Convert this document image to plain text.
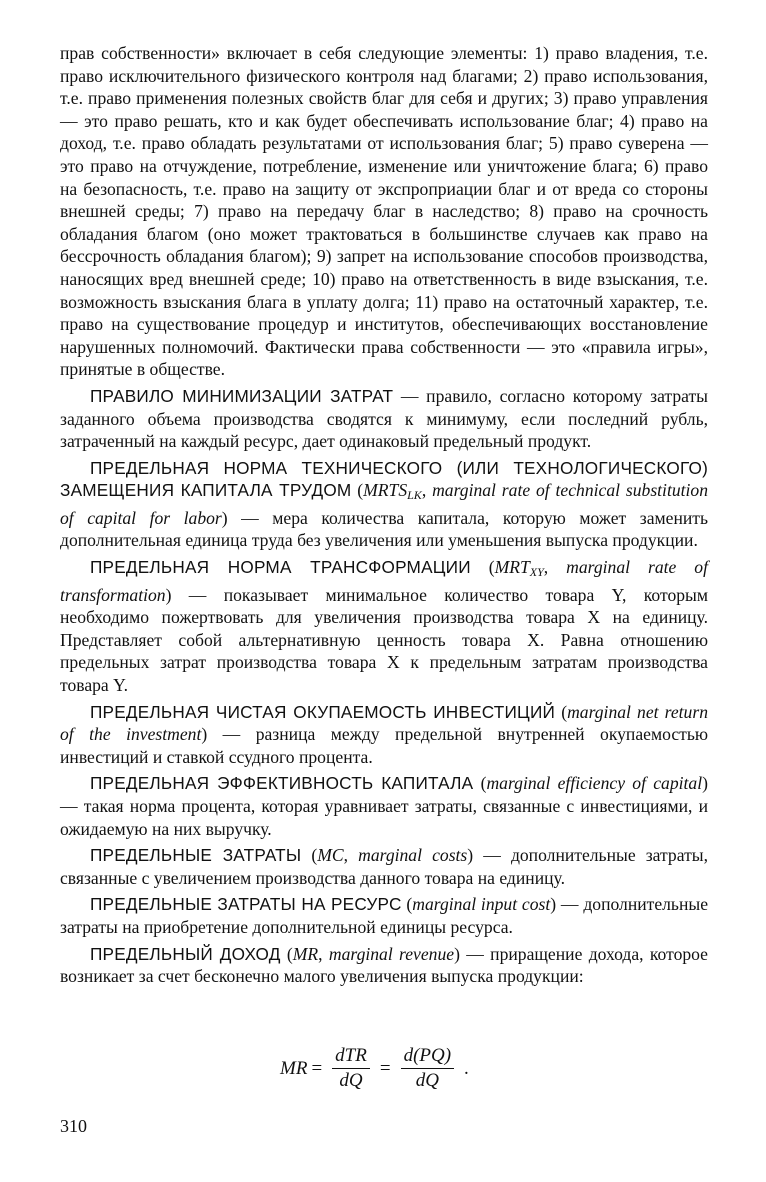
прав собственности» включает в себя следующие элементы: 1) право владения, т.е. право исключительного физического контроля над благами; 2) право использования, т.е. право применения полезных свойств благ для себя и других; 3) право управления — это право решать, кто и как будет обеспечивать использование благ; 4) право на доход, т.е. право обладать результатами от использования благ; 5) право суверена — это право на отчуждение, потребление, изменение или уничтожение блага; 6) право на безопасность, т.е. право на защиту от экспроприации благ и от вреда со стороны внешней среды; 7) право на передачу благ в наследство; 8) право на срочность обладания благом (оно может трактоваться в большинстве случаев как право на бессрочность обладания благом); 9) запрет на использование способов производства, наносящих вред внешней среде; 10) право на ответственность в виде взыскания, т.е. возможность взыскания блага в уплату долга; 11) право на остаточный характер, т.е. право на существование процедур и институтов, обеспечивающих восстановление нарушенных полномочий. Фактически права собственности — это «правила игры», принятые в обществе.

ПРАВИЛО МИНИМИЗАЦИИ ЗАТРАТ — правило, согласно которому затраты заданного объема производства сводятся к минимуму, если последний рубль, затраченный на каждый ресурс, дает одинаковый предельный продукт.

ПРЕДЕЛЬНАЯ НОРМА ТЕХНИЧЕСКОГО (ИЛИ ТЕХНОЛОГИЧЕСКОГО) ЗАМЕЩЕНИЯ КАПИТАЛА ТРУДОМ ($MRTS_{LK}$, marginal rate of technical substitution of capital for labor) — мера количества капитала, которую может заменить дополнительная единица труда без увеличения или уменьшения выпуска продукции.

ПРЕДЕЛЬНАЯ НОРМА ТРАНСФОРМАЦИИ ($MRT_{XY}$, marginal rate of transformation) — показывает минимальное количество товара Y, которым необходимо пожертвовать для увеличения производства товара X на единицу. Представляет собой альтернативную ценность товара X. Равна отношению предельных затрат производства товара X к предельным затратам производства товара Y.

ПРЕДЕЛЬНАЯ ЧИСТАЯ ОКУПАЕМОСТЬ ИНВЕСТИЦИЙ (marginal net return of the investment) — разница между предельной внутренней окупаемостью инвестиций и ставкой ссудного процента.

ПРЕДЕЛЬНАЯ ЭФФЕКТИВНОСТЬ КАПИТАЛА (marginal efficiency of capital) — такая норма процента, которая уравнивает затраты, связанные с инвестициями, и ожидаемую на них выручку.

ПРЕДЕЛЬНЫЕ ЗАТРАТЫ (MC, marginal costs) — дополнительные затраты, связанные с увеличением производства данного товара на единицу.

ПРЕДЕЛЬНЫЕ ЗАТРАТЫ НА РЕСУРС (marginal input cost) — дополнительные затраты на приобретение дополнительной единицы ресурса.

ПРЕДЕЛЬНЫЙ ДОХОД (MR, marginal revenue) — приращение дохода, которое возникает за счет бесконечно малого увеличения выпуска продукции:

MR = $\frac{\text{dTR}}{dQ} = \frac{d(PQ)}{dQ}$ .
310
